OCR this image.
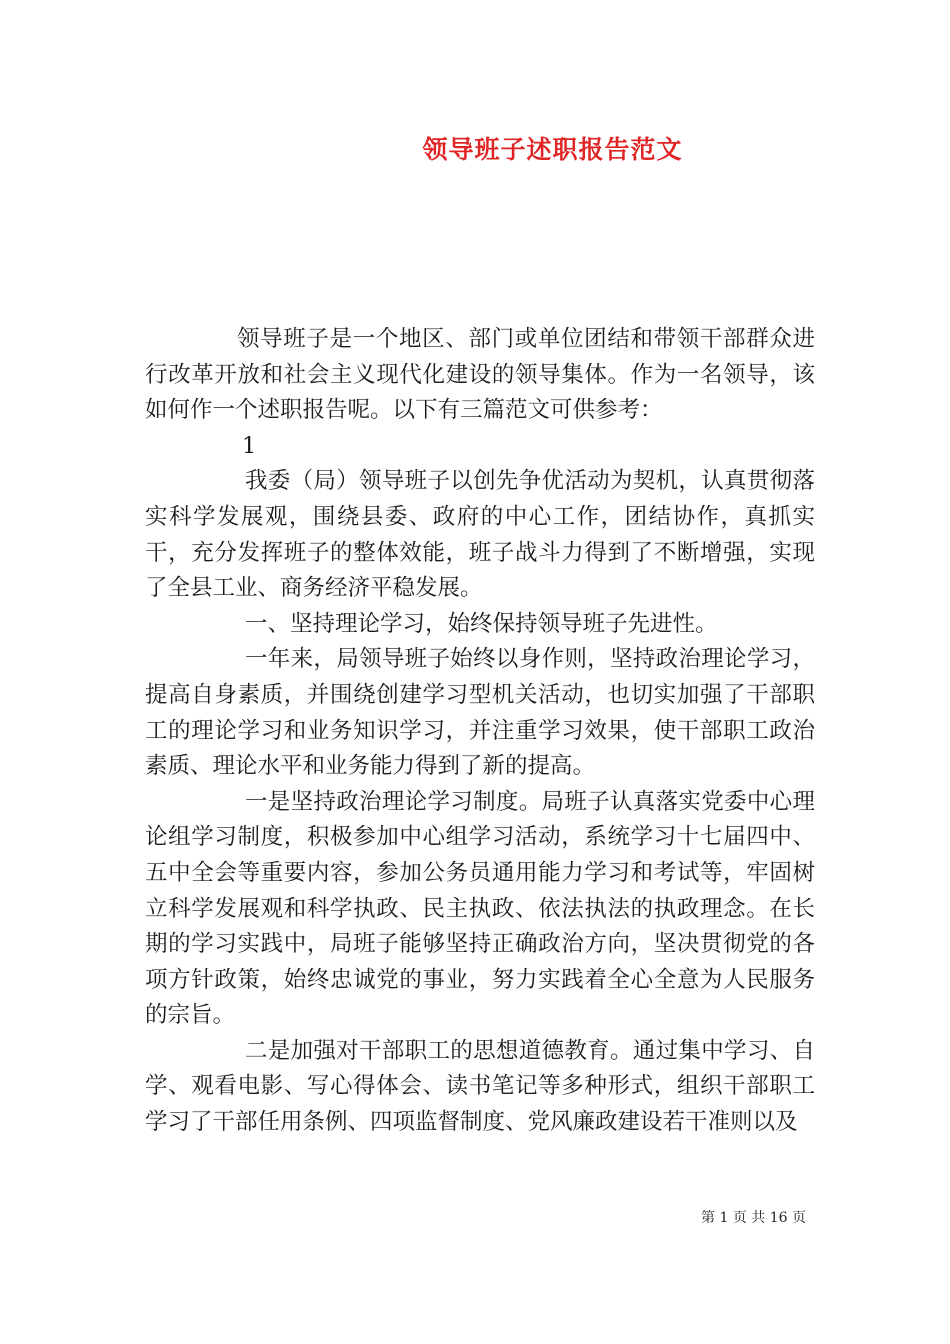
领导班子述职报告范文

领导班子是一个地区、部门或单位团结和带领干部群众进行改革开放和社会主义现代化建设的领导集体。作为一名领导，该如何作一个述职报告呢。以下有三篇范文可供参考：

1

我委（局）领导班子以创先争优活动为契机，认真贯彻落实科学发展观，围绕县委、政府的中心工作，团结协作，真抓实干，充分发挥班子的整体效能，班子战斗力得到了不断增强，实现了全县工业、商务经济平稳发展。

一、坚持理论学习，始终保持领导班子先进性。

一年来，局领导班子始终以身作则，坚持政治理论学习，提高自身素质，并围绕创建学习型机关活动，也切实加强了干部职工的理论学习和业务知识学习，并注重学习效果，使干部职工政治素质、理论水平和业务能力得到了新的提高。

一是坚持政治理论学习制度。局班子认真落实党委中心理论组学习制度，积极参加中心组学习活动，系统学习十七届四中、五中全会等重要内容，参加公务员通用能力学习和考试等，牢固树立科学发展观和科学执政、民主执政、依法执法的执政理念。在长期的学习实践中，局班子能够坚持正确政治方向，坚决贯彻党的各项方针政策，始终忠诚党的事业，努力实践着全心全意为人民服务的宗旨。

二是加强对干部职工的思想道德教育。通过集中学习、自学、观看电影、写心得体会、读书笔记等多种形式，组织干部职工学习了干部任用条例、四项监督制度、党风廉政建设若干准则以及

第 1 页 共 16 页
